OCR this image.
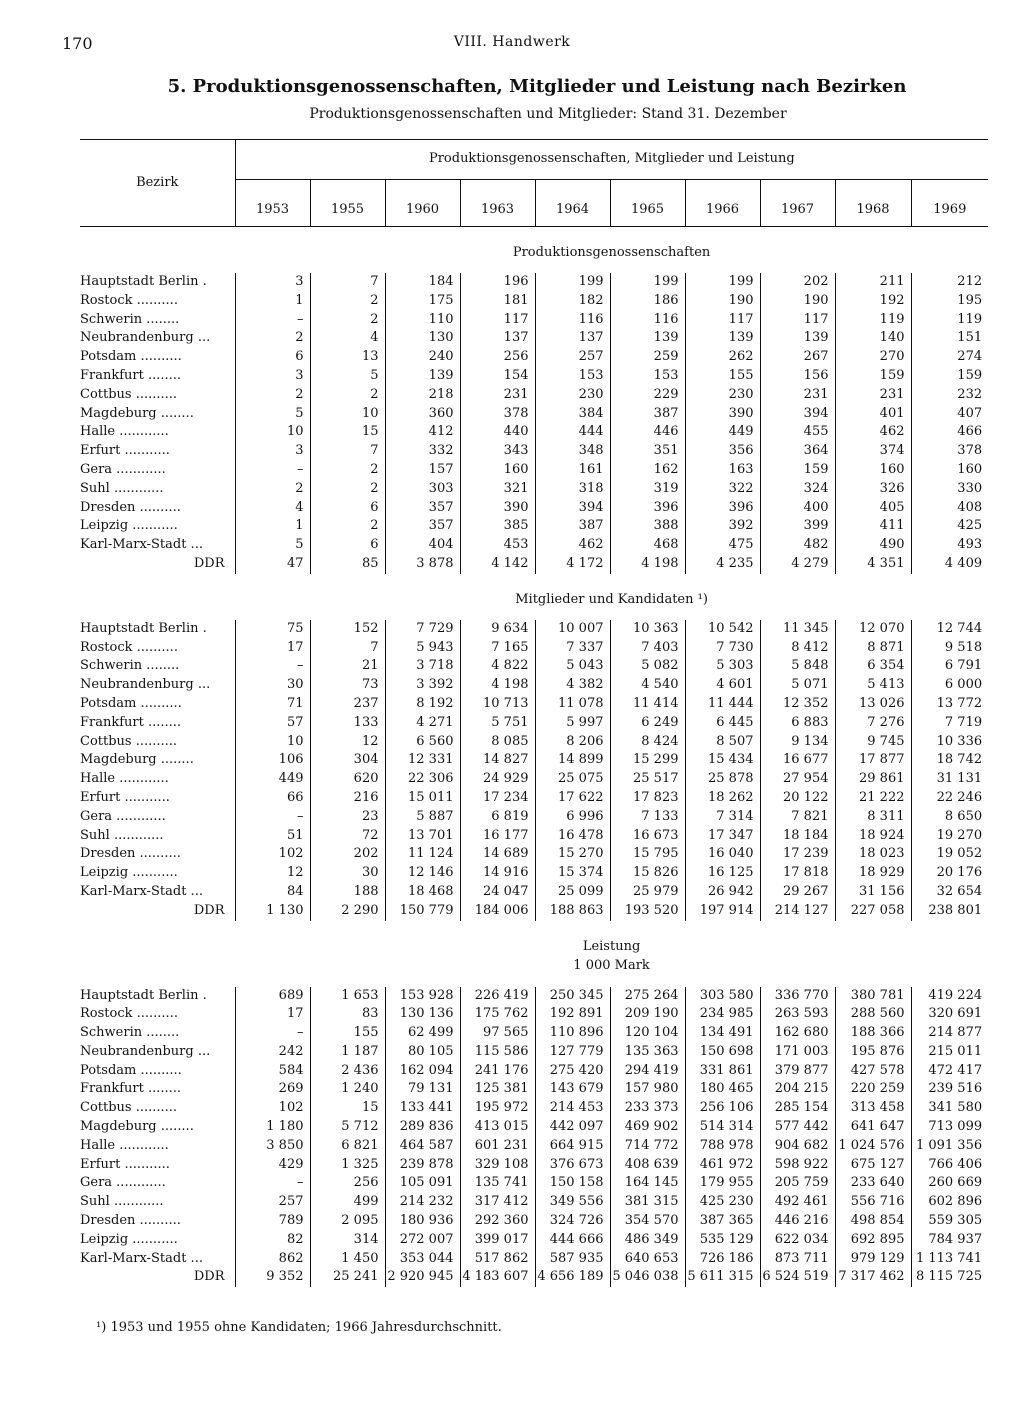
170	VIII. Handwerk
5. Produktionsgenossenschaften, Mitglieder und Leistung nach Bezirken
Produktionsgenossenschaften und Mitglieder: Stand 31. Dezember
Bezirk	Produktionsgenossenschaften, Mitglieder und Leistung									
	1953	1955	1960	1963	1964	1965	1966	1967	1968	1969
	Produktionsgenossenschaften									

Hauptstadt Berlin .	3	7	184	196	199	199	199	202	211	212
Rostock ..........	1	2	175	181	182	186	190	190	192	195
Schwerin ........	–	2	110	117	116	116	117	117	119	119
Neubrandenburg ...	2	4	130	137	137	139	139	139	140	151
Potsdam ..........	6	13	240	256	257	259	262	267	270	274
Frankfurt ........	3	5	139	154	153	153	155	156	159	159
Cottbus ..........	2	2	218	231	230	229	230	231	231	232
Magdeburg ........	5	10	360	378	384	387	390	394	401	407
Halle ............	10	15	412	440	444	446	449	455	462	466
Erfurt ...........	3	7	332	343	348	351	356	364	374	378
Gera ............	–	2	157	160	161	162	163	159	160	160
Suhl ............	2	2	303	321	318	319	322	324	326	330
Dresden ..........	4	6	357	390	394	396	396	400	405	408
Leipzig ...........	1	2	357	385	387	388	392	399	411	425
Karl-Marx-Stadt ...	5	6	404	453	462	468	475	482	490	493
DDR	47	85	3 878	4 142	4 172	4 198	4 235	4 279	4 351	4 409
	Mitglieder und Kandidaten ¹)									

Hauptstadt Berlin .	75	152	7 729	9 634	10 007	10 363	10 542	11 345	12 070	12 744
Rostock ..........	17	7	5 943	7 165	7 337	7 403	7 730	8 412	8 871	9 518
Schwerin ........	–	21	3 718	4 822	5 043	5 082	5 303	5 848	6 354	6 791
Neubrandenburg ...	30	73	3 392	4 198	4 382	4 540	4 601	5 071	5 413	6 000
Potsdam ..........	71	237	8 192	10 713	11 078	11 414	11 444	12 352	13 026	13 772
Frankfurt ........	57	133	4 271	5 751	5 997	6 249	6 445	6 883	7 276	7 719
Cottbus ..........	10	12	6 560	8 085	8 206	8 424	8 507	9 134	9 745	10 336
Magdeburg ........	106	304	12 331	14 827	14 899	15 299	15 434	16 677	17 877	18 742
Halle ............	449	620	22 306	24 929	25 075	25 517	25 878	27 954	29 861	31 131
Erfurt ...........	66	216	15 011	17 234	17 622	17 823	18 262	20 122	21 222	22 246
Gera ............	–	23	5 887	6 819	6 996	7 133	7 314	7 821	8 311	8 650
Suhl ............	51	72	13 701	16 177	16 478	16 673	17 347	18 184	18 924	19 270
Dresden ..........	102	202	11 124	14 689	15 270	15 795	16 040	17 239	18 023	19 052
Leipzig ...........	12	30	12 146	14 916	15 374	15 826	16 125	17 818	18 929	20 176
Karl-Marx-Stadt ...	84	188	18 468	24 047	25 099	25 979	26 942	29 267	31 156	32 654
DDR	1 130	2 290	150 779	184 006	188 863	193 520	197 914	214 127	227 058	238 801
	Leistung									
	1 000 Mark									

Hauptstadt Berlin .	689	1 653	153 928	226 419	250 345	275 264	303 580	336 770	380 781	419 224
Rostock ..........	17	83	130 136	175 762	192 891	209 190	234 985	263 593	288 560	320 691
Schwerin ........	–	155	62 499	97 565	110 896	120 104	134 491	162 680	188 366	214 877
Neubrandenburg ...	242	1 187	80 105	115 586	127 779	135 363	150 698	171 003	195 876	215 011
Potsdam ..........	584	2 436	162 094	241 176	275 420	294 419	331 861	379 877	427 578	472 417
Frankfurt ........	269	1 240	79 131	125 381	143 679	157 980	180 465	204 215	220 259	239 516
Cottbus ..........	102	15	133 441	195 972	214 453	233 373	256 106	285 154	313 458	341 580
Magdeburg ........	1 180	5 712	289 836	413 015	442 097	469 902	514 314	577 442	641 647	713 099
Halle ............	3 850	6 821	464 587	601 231	664 915	714 772	788 978	904 682	1 024 576	1 091 356
Erfurt ...........	429	1 325	239 878	329 108	376 673	408 639	461 972	598 922	675 127	766 406
Gera ............	–	256	105 091	135 741	150 158	164 145	179 955	205 759	233 640	260 669
Suhl ............	257	499	214 232	317 412	349 556	381 315	425 230	492 461	556 716	602 896
Dresden ..........	789	2 095	180 936	292 360	324 726	354 570	387 365	446 216	498 854	559 305
Leipzig ...........	82	314	272 007	399 017	444 666	486 349	535 129	622 034	692 895	784 937
Karl-Marx-Stadt ...	862	1 450	353 044	517 862	587 935	640 653	726 186	873 711	979 129	1 113 741
DDR	9 352	25 241	2 920 945	4 183 607	4 656 189	5 046 038	5 611 315	6 524 519	7 317 462	8 115 725
¹) 1953 und 1955 ohne Kandidaten; 1966 Jahresdurchschnitt.
